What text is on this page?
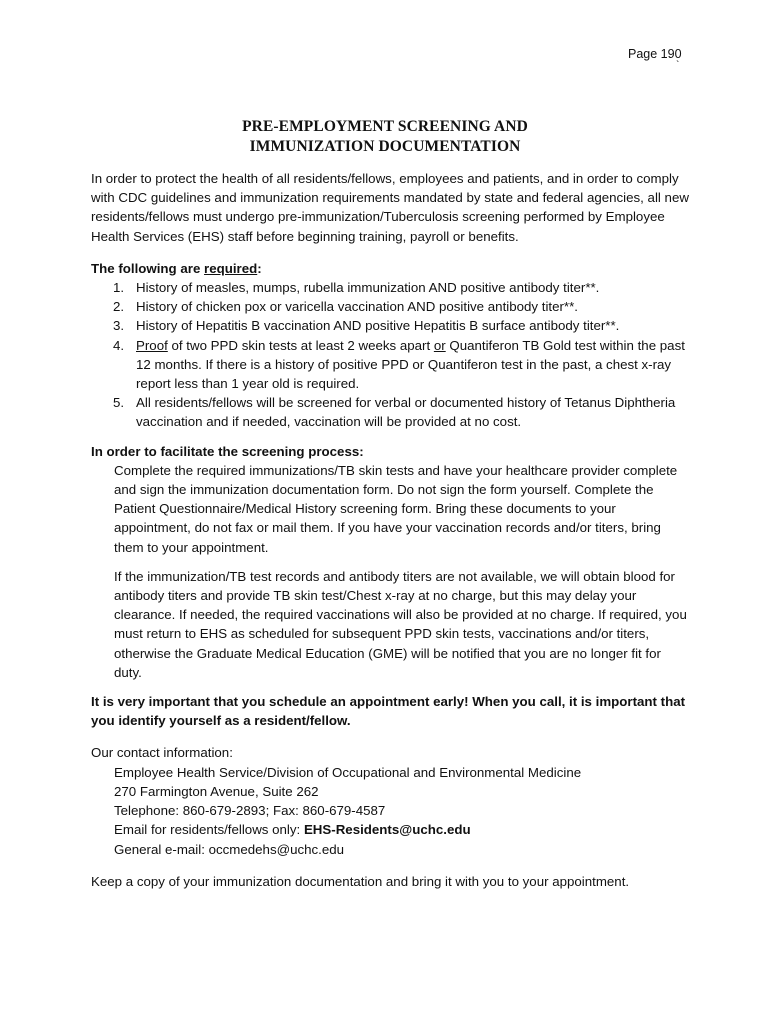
Page 190
`
PRE-EMPLOYMENT SCREENING AND
IMMUNIZATION DOCUMENTATION

In order to protect the health of all residents/fellows, employees and patients, and in order to comply with CDC guidelines and immunization requirements mandated by state and federal agencies, all new residents/fellows must undergo pre-immunization/Tuberculosis screening performed by Employee Health Services (EHS) staff before beginning training, payroll or benefits.

The following are required:

1. History of measles, mumps, rubella immunization AND positive antibody titer**.
2. History of chicken pox or varicella vaccination AND positive antibody titer**.
3. History of Hepatitis B vaccination AND positive Hepatitis B surface antibody titer**.
4. Proof of two PPD skin tests at least 2 weeks apart or Quantiferon TB Gold test within the past 12 months. If there is a history of positive PPD or Quantiferon test in the past, a chest x-ray report less than 1 year old is required.
5. All residents/fellows will be screened for verbal or documented history of Tetanus Diphtheria vaccination and if needed, vaccination will be provided at no cost.

In order to facilitate the screening process:

Complete the required immunizations/TB skin tests and have your healthcare provider complete and sign the immunization documentation form. Do not sign the form yourself. Complete the Patient Questionnaire/Medical History screening form. Bring these documents to your appointment, do not fax or mail them. If you have your vaccination records and/or titers, bring them to your appointment.

If the immunization/TB test records and antibody titers are not available, we will obtain blood for antibody titers and provide TB skin test/Chest x-ray at no charge, but this may delay your clearance. If needed, the required vaccinations will also be provided at no charge. If required, you must return to EHS as scheduled for subsequent PPD skin tests, vaccinations and/or titers, otherwise the Graduate Medical Education (GME) will be notified that you are no longer fit for duty.

It is very important that you schedule an appointment early! When you call, it is important that you identify yourself as a resident/fellow.

Our contact information:

Employee Health Service/Division of Occupational and Environmental Medicine
270 Farmington Avenue, Suite 262
Telephone: 860-679-2893; Fax: 860-679-4587
Email for residents/fellows only: EHS-Residents@uchc.edu
General e-mail: occmedehs@uchc.edu

Keep a copy of your immunization documentation and bring it with you to your appointment.
